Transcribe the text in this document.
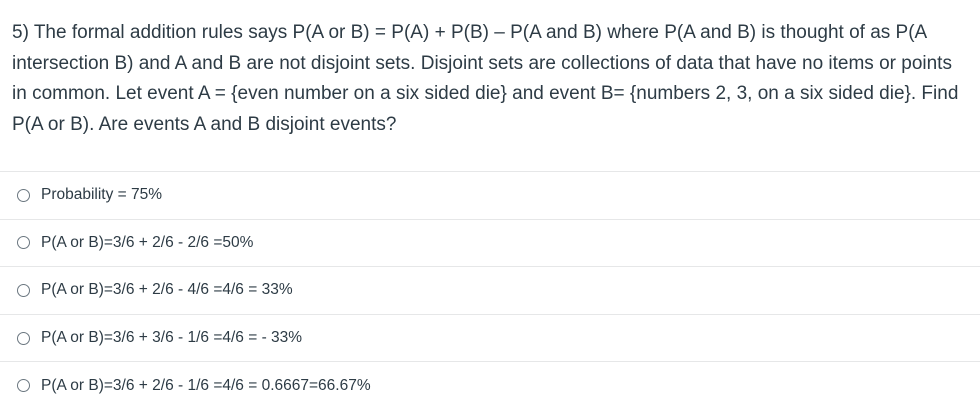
5) The formal addition rules says P(A or B) = P(A) + P(B) – P(A and B) where P(A and B) is thought of as P(A intersection B) and A and B are not disjoint sets. Disjoint sets are collections of data that have no items or points in common. Let event A = {even number on a six sided die} and event B= {numbers 2, 3, on a six sided die}. Find P(A or B). Are events A and B disjoint events?

Probability = 75%
P(A or B)=3/6 + 2/6 - 2/6 =50%
P(A or B)=3/6 + 2/6 - 4/6 =4/6 = 33%
P(A or B)=3/6 + 3/6 - 1/6 =4/6 = - 33%
P(A or B)=3/6 + 2/6 - 1/6 =4/6 = 0.6667=66.67%
